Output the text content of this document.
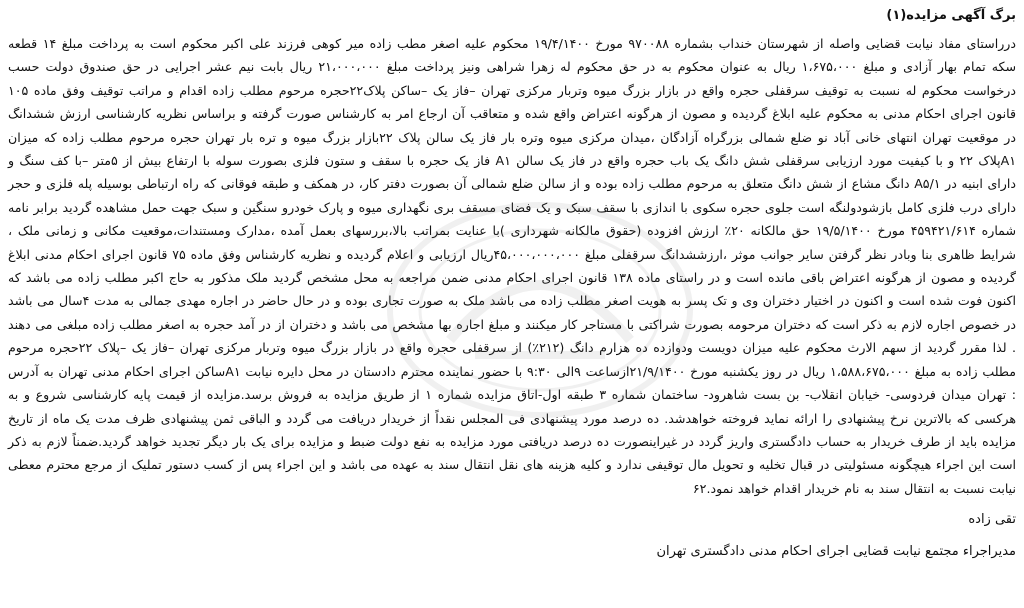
برگ آگهی مزایده(۱)

درراستای مفاد نیابت قضایی واصله از شهرستان خنداب بشماره ۹۷۰۰۸۸ مورخ ۱۹/۴/۱۴۰۰ محکوم علیه اصغر مطب زاده میر کوهی فرزند علی اکبر محکوم است به پرداخت مبلغ ۱۴ قطعه سکه تمام بهار آزادی و مبلغ ۱،۶۷۵،۰۰۰ ریال به عنوان محکوم به در حق محکوم له زهرا شراهی ونیز پرداخت مبلغ ۲۱،۰۰۰،۰۰۰ ریال بابت نیم عشر اجرایی در حق صندوق دولت حسب درخواست محکوم له نسبت به توقیف سرقفلی حجره واقع در بازار بزرگ میوه وتربار مرکزی تهران –فاز یک –ساکن پلاک۲۲حجره مرحوم مطلب زاده اقدام و مراتب توقیف وفق ماده ۱۰۵ قانون اجرای احکام مدنی به محکوم علیه ابلاغ گردیده و مصون از هرگونه اعتراض واقع شده و متعاقب آن ارجاع امر به کارشناس صورت گرفته و براساس نظریه کارشناسی ارزش ششدانگ در موقعیت تهران انتهای خانی آباد نو ضلع شمالی بزرگراه آزادگان ،میدان مرکزی میوه وتره بار فاز یک سالن پلاک ۲۲بازار بزرگ میوه و تره بار تهران حجره مرحوم مطلب زاده که میزان A۱پلاک ۲۲ و با کیفیت مورد ارزیابی سرقفلی شش دانگ یک باب حجره واقع در فاز یک سالن A۱ فاز یک حجره با سقف و ستون فلزی بصورت سوله با ارتفاع بیش از ۵متر –با کف سنگ و دارای ابنیه در A۵/۱ دانگ مشاع از شش دانگ متعلق به مرحوم مطلب زاده بوده و از سالن ضلع شمالی آن بصورت دفتر کار، در همکف و طبقه فوقانی که راه ارتباطی بوسیله پله فلزی و حجر دارای درب فلزی کامل بازشودولنگه است جلوی حجره سکوی با اندازی با سقف سبک و یک فضای مسقف بری نگهداری میوه و پارک خودرو سنگین و سبک جهت حمل مشاهده گردید برابر نامه شماره ۴۵۹۴۲۱/۶۱۴ مورخ ۱۹/۵/۱۴۰۰ حق مالکانه ۲۰٪ ارزش افزوده (حقوق مالکانه شهرداری )با عنایت بمراتب بالا،بررسهای بعمل آمده ،مدارک ومستندات،موقعیت مکانی و زمانی ملک ، شرایط ظاهری بنا وبادر نظر گرفتن سایر جوانب موثر ،ارزششدانگ سرقفلی مبلغ ۴۵،۰۰۰،۰۰۰،۰۰۰ریال ارزیابی و اعلام گردیده و نظریه کارشناس وفق ماده ۷۵ قانون اجرای احکام مدنی ابلاغ گردیده و مصون از هرگونه اعتراض باقی مانده است و در راستای ماده ۱۳۸ قانون اجرای احکام مدنی ضمن مراجعه به محل مشخص گردید ملک مذکور به حاج اکبر مطلب زاده می باشد که اکنون فوت شده است و اکنون در اختیار دختران وی و تک پسر به هویت اصغر مطلب زاده می باشد ملک به صورت تجاری بوده و در حال حاضر در اجاره مهدی جمالی به مدت ۴سال می باشد در خصوص اجاره لازم به ذکر است که دختران مرحومه بصورت شراکتی با مستاجر کار میکنند و مبلغ اجاره بها مشخص می باشد و دختران از در آمد حجره به اصغر مطلب زاده مبلغی می دهند . لذا مقرر گردید از سهم الارث محکوم علیه میزان دویست ودوازده ده هزارم دانگ (۲۱۲٪) از سرقفلی حجره واقع در بازار بزرگ میوه وتربار مرکزی تهران –فاز یک –پلاک ۲۲حجره مرحوم مطلب زاده به مبلغ ۱،۵۸۸،۶۷۵،۰۰۰ ریال در روز یکشنبه مورخ ۲۱/۹/۱۴۰۰ازساعت ۹الی ۹:۳۰ با حضور نماینده محترم دادستان در محل دایره نیابت A۱ساکن اجرای احکام مدنی تهران به آدرس : تهران میدان فردوسی- خیابان انقلاب- بن بست شاهرود- ساختمان شماره ۳ طبقه اول-اتاق مزایده شماره ۱ از طریق مزایده به فروش برسد.مزایده از قیمت پایه کارشناسی شروع و به هرکسی که بالاترین نرخ پیشنهادی را ارائه نماید فروخته خواهدشد. ده درصد مورد پیشنهادی فی المجلس نقداً از خریدار دریافت می گردد و الباقی ثمن پیشنهادی ظرف مدت یک ماه از تاریخ مزایده باید از طرف خریدار به حساب دادگستری واریز گردد در غیراینصورت ده درصد دریافتی مورد مزایده به نفع دولت ضبط و مزایده برای یک بار دیگر تجدید خواهد گردید.ضمناً لازم به ذکر است این اجراء هیچگونه مسئولیتی در قبال تخلیه و تحویل مال توقیفی ندارد و کلیه هزینه های نقل انتقال سند به عهده می باشد و این اجراء پس از کسب دستور تملیک از مرجع محترم معطی نیابت نسبت به انتقال سند به نام خریدار اقدام خواهد نمود.۶۲

تقی زاده
مدیراجراء مجتمع نیابت قضایی اجرای احکام مدنی دادگستری تهران
